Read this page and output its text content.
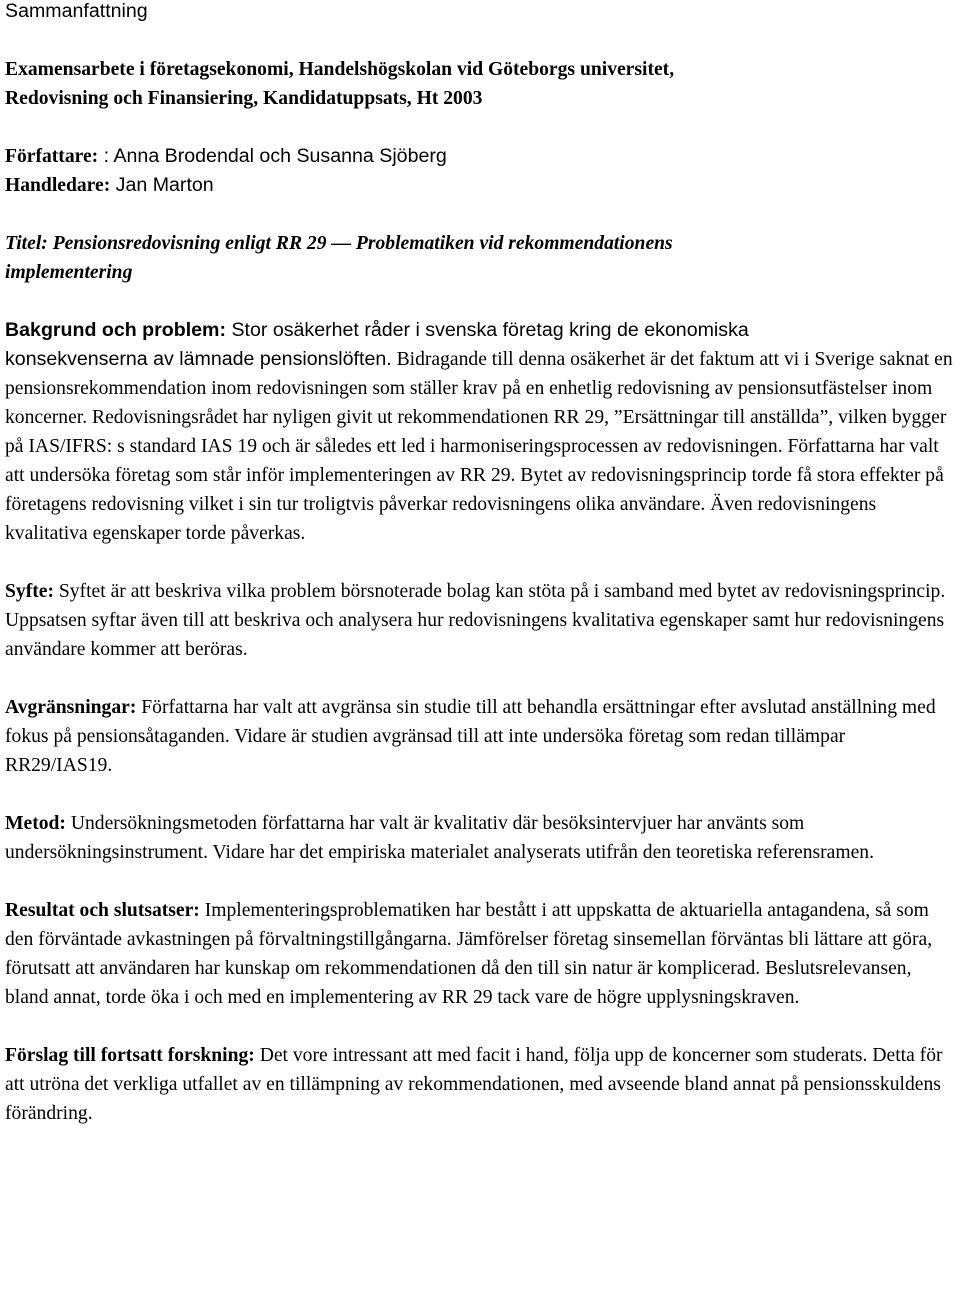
Sammanfattning

Examensarbete i företagsekonomi, Handelshögskolan vid Göteborgs universitet,

Redovisning och Finansiering, Kandidatuppsats, Ht 2003

Författare: : Anna Brodendal och Susanna Sjöberg

Handledare: Jan Marton

Titel: Pensionsredovisning enligt RR 29 ― Problematiken vid rekommendationens
implementering

Bakgrund och problem: Stor osäkerhet råder i svenska företag kring de ekonomiska
konsekvenserna av lämnade pensionslöften. Bidragande till denna osäkerhet är det faktum att vi i Sverige saknat en pensionsrekommendation inom redovisningen som ställer krav på en enhetlig redovisning av pensionsutfästelser inom koncerner. Redovisningsrådet har nyligen givit ut rekommendationen RR 29, ”Ersättningar till anställda”, vilken bygger på IAS/IFRS: s standard IAS 19 och är således ett led i harmoniseringsprocessen av redovisningen. Författarna har valt att undersöka företag som står inför implementeringen av RR 29. Bytet av redovisningsprincip torde få stora effekter på företagens redovisning vilket i sin tur troligtvis påverkar redovisningens olika användare. Även redovisningens kvalitativa egenskaper torde påverkas.

Syfte: Syftet är att beskriva vilka problem börsnoterade bolag kan stöta på i samband med bytet av redovisningsprincip. Uppsatsen syftar även till att beskriva och analysera hur redovisningens kvalitativa egenskaper samt hur redovisningens användare kommer att beröras.

Avgränsningar: Författarna har valt att avgränsa sin studie till att behandla ersättningar efter avslutad anställning med fokus på pensionsåtaganden. Vidare är studien avgränsad till att inte undersöka företag som redan tillämpar RR29/IAS19.

Metod: Undersökningsmetoden författarna har valt är kvalitativ där besöksintervjuer har använts som undersökningsinstrument. Vidare har det empiriska materialet analyserats utifrån den teoretiska referensramen.

Resultat och slutsatser: Implementeringsproblematiken har bestått i att uppskatta de aktuariella antagandena, så som den förväntade avkastningen på förvaltningstillgångarna. Jämförelser företag sinsemellan förväntas bli lättare att göra, förutsatt att användaren har kunskap om rekommendationen då den till sin natur är komplicerad. Beslutsrelevansen, bland annat, torde öka i och med en implementering av RR 29 tack vare de högre upplysningskraven.

Förslag till fortsatt forskning: Det vore intressant att med facit i hand, följa upp de koncerner som studerats. Detta för att utröna det verkliga utfallet av en tillämpning av rekommendationen, med avseende bland annat på pensionsskuldens förändring.
